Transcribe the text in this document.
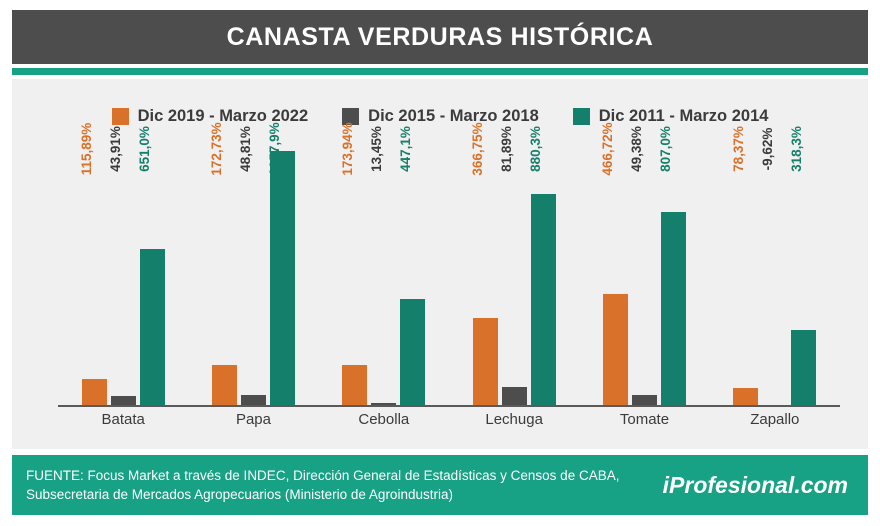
CANASTA VERDURAS HISTÓRICA
Dic 2019 - Marzo 2022	Dic 2015 - Marzo 2018	Dic 2011 - Marzo 2014
115,89% 43,91% 651,0%	172,73% 48,81% 1057,9%	173,94% 13,45% 447,1%	366,75% 81,89% 880,3%	466,72% 49,38% 807,0%	78,37% -9,62% 318,3%
Batata	Papa	Cebolla	Lechuga	Tomate	Zapallo
FUENTE: Focus Market a través de INDEC, Dirección General de Estadísticas y Censos de CABA,
Subsecretaria de Mercados Agropecuarios (Ministerio de Agroindustria)	iProfesional.com
